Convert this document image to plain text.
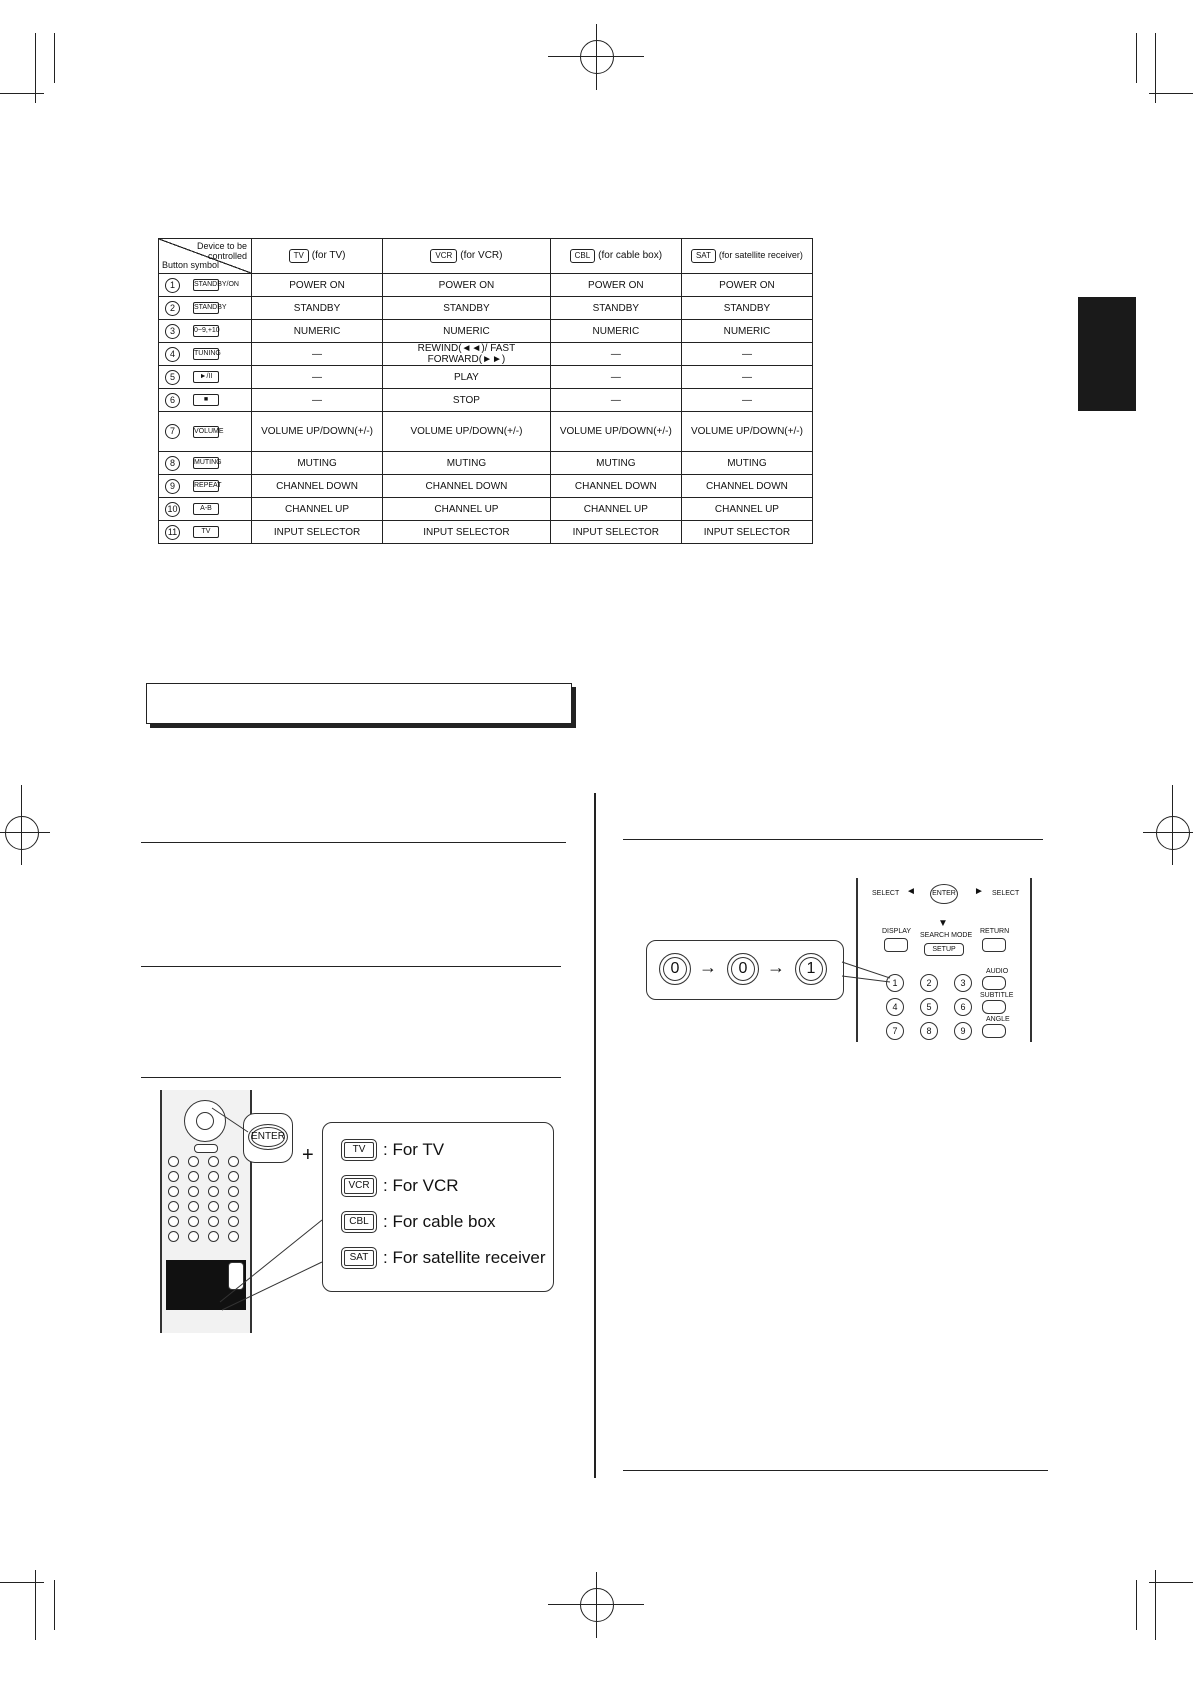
Device to be controlled
Button symbol	TV (for TV)	VCR (for VCR)	CBL (for cable box)	SAT (for satellite receiver)

1 STANDBY/ON	POWER ON	POWER ON	POWER ON	POWER ON

2 STANDBY	STANDBY	STANDBY	STANDBY	STANDBY

3 0~9,+10	NUMERIC	NUMERIC	NUMERIC	NUMERIC

4 TUNING	—	REWIND(◄◄)/ FAST FORWARD(►►)	—	—

5 ►/II	—	PLAY	—	—

6 ■	—	STOP	—	—

7 VOLUME	VOLUME UP/DOWN(+/-)	VOLUME UP/DOWN(+/-)	VOLUME UP/DOWN(+/-)	VOLUME UP/DOWN(+/-)

8 MUTING	MUTING	MUTING	MUTING	MUTING

9 REPEAT	CHANNEL DOWN	CHANNEL DOWN	CHANNEL DOWN	CHANNEL DOWN

10 A-B	CHANNEL UP	CHANNEL UP	CHANNEL UP	CHANNEL UP

11 TV	INPUT SELECTOR	INPUT SELECTOR	INPUT SELECTOR	INPUT SELECTOR
ENTER
+	TV	: For TV
VCR : For VCR
CBL : For cable box
SAT : For satellite receiver
SELECT	SELECT
◄	►
▼
ENTER
DISPLAY
SEARCH MODE
SETUP
RETURN
AUDIO
SUBTITLE
ANGLE
1	2	3
4	5	6
7	8	9
0	→	0	→	1
